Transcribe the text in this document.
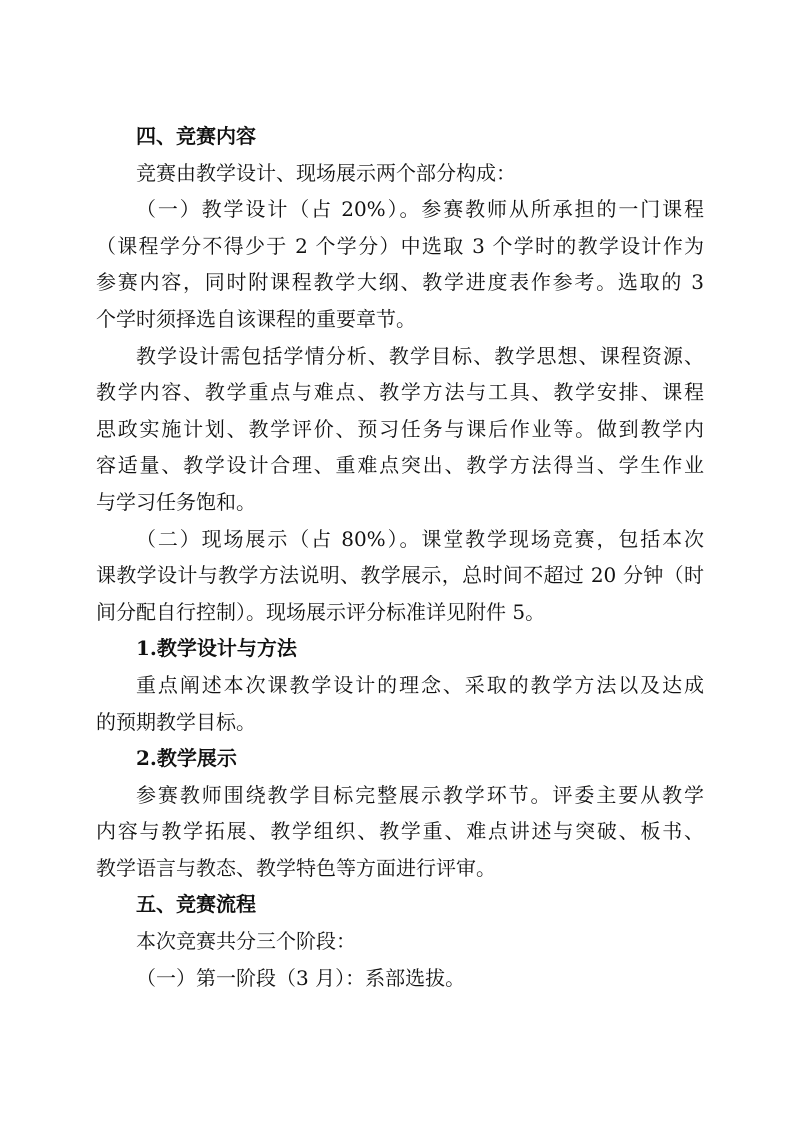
四、竞赛内容
竞赛由教学设计、现场展示两个部分构成：
（一）教学设计（占 20%）。参赛教师从所承担的一门课程
（课程学分不得少于 2 个学分）中选取 3 个学时的教学设计作为
参赛内容，同时附课程教学大纲、教学进度表作参考。选取的 3
个学时须择选自该课程的重要章节。
教学设计需包括学情分析、教学目标、教学思想、课程资源、
教学内容、教学重点与难点、教学方法与工具、教学安排、课程
思政实施计划、教学评价、预习任务与课后作业等。做到教学内
容适量、教学设计合理、重难点突出、教学方法得当、学生作业
与学习任务饱和。
（二）现场展示（占 80%）。课堂教学现场竞赛，包括本次
课教学设计与教学方法说明、教学展示，总时间不超过 20 分钟（时
间分配自行控制）。现场展示评分标准详见附件 5。
1.教学设计与方法
重点阐述本次课教学设计的理念、采取的教学方法以及达成
的预期教学目标。
2.教学展示
参赛教师围绕教学目标完整展示教学环节。评委主要从教学
内容与教学拓展、教学组织、教学重、难点讲述与突破、板书、
教学语言与教态、教学特色等方面进行评审。
五、竞赛流程
本次竞赛共分三个阶段：
（一）第一阶段（3 月）：系部选拔。
